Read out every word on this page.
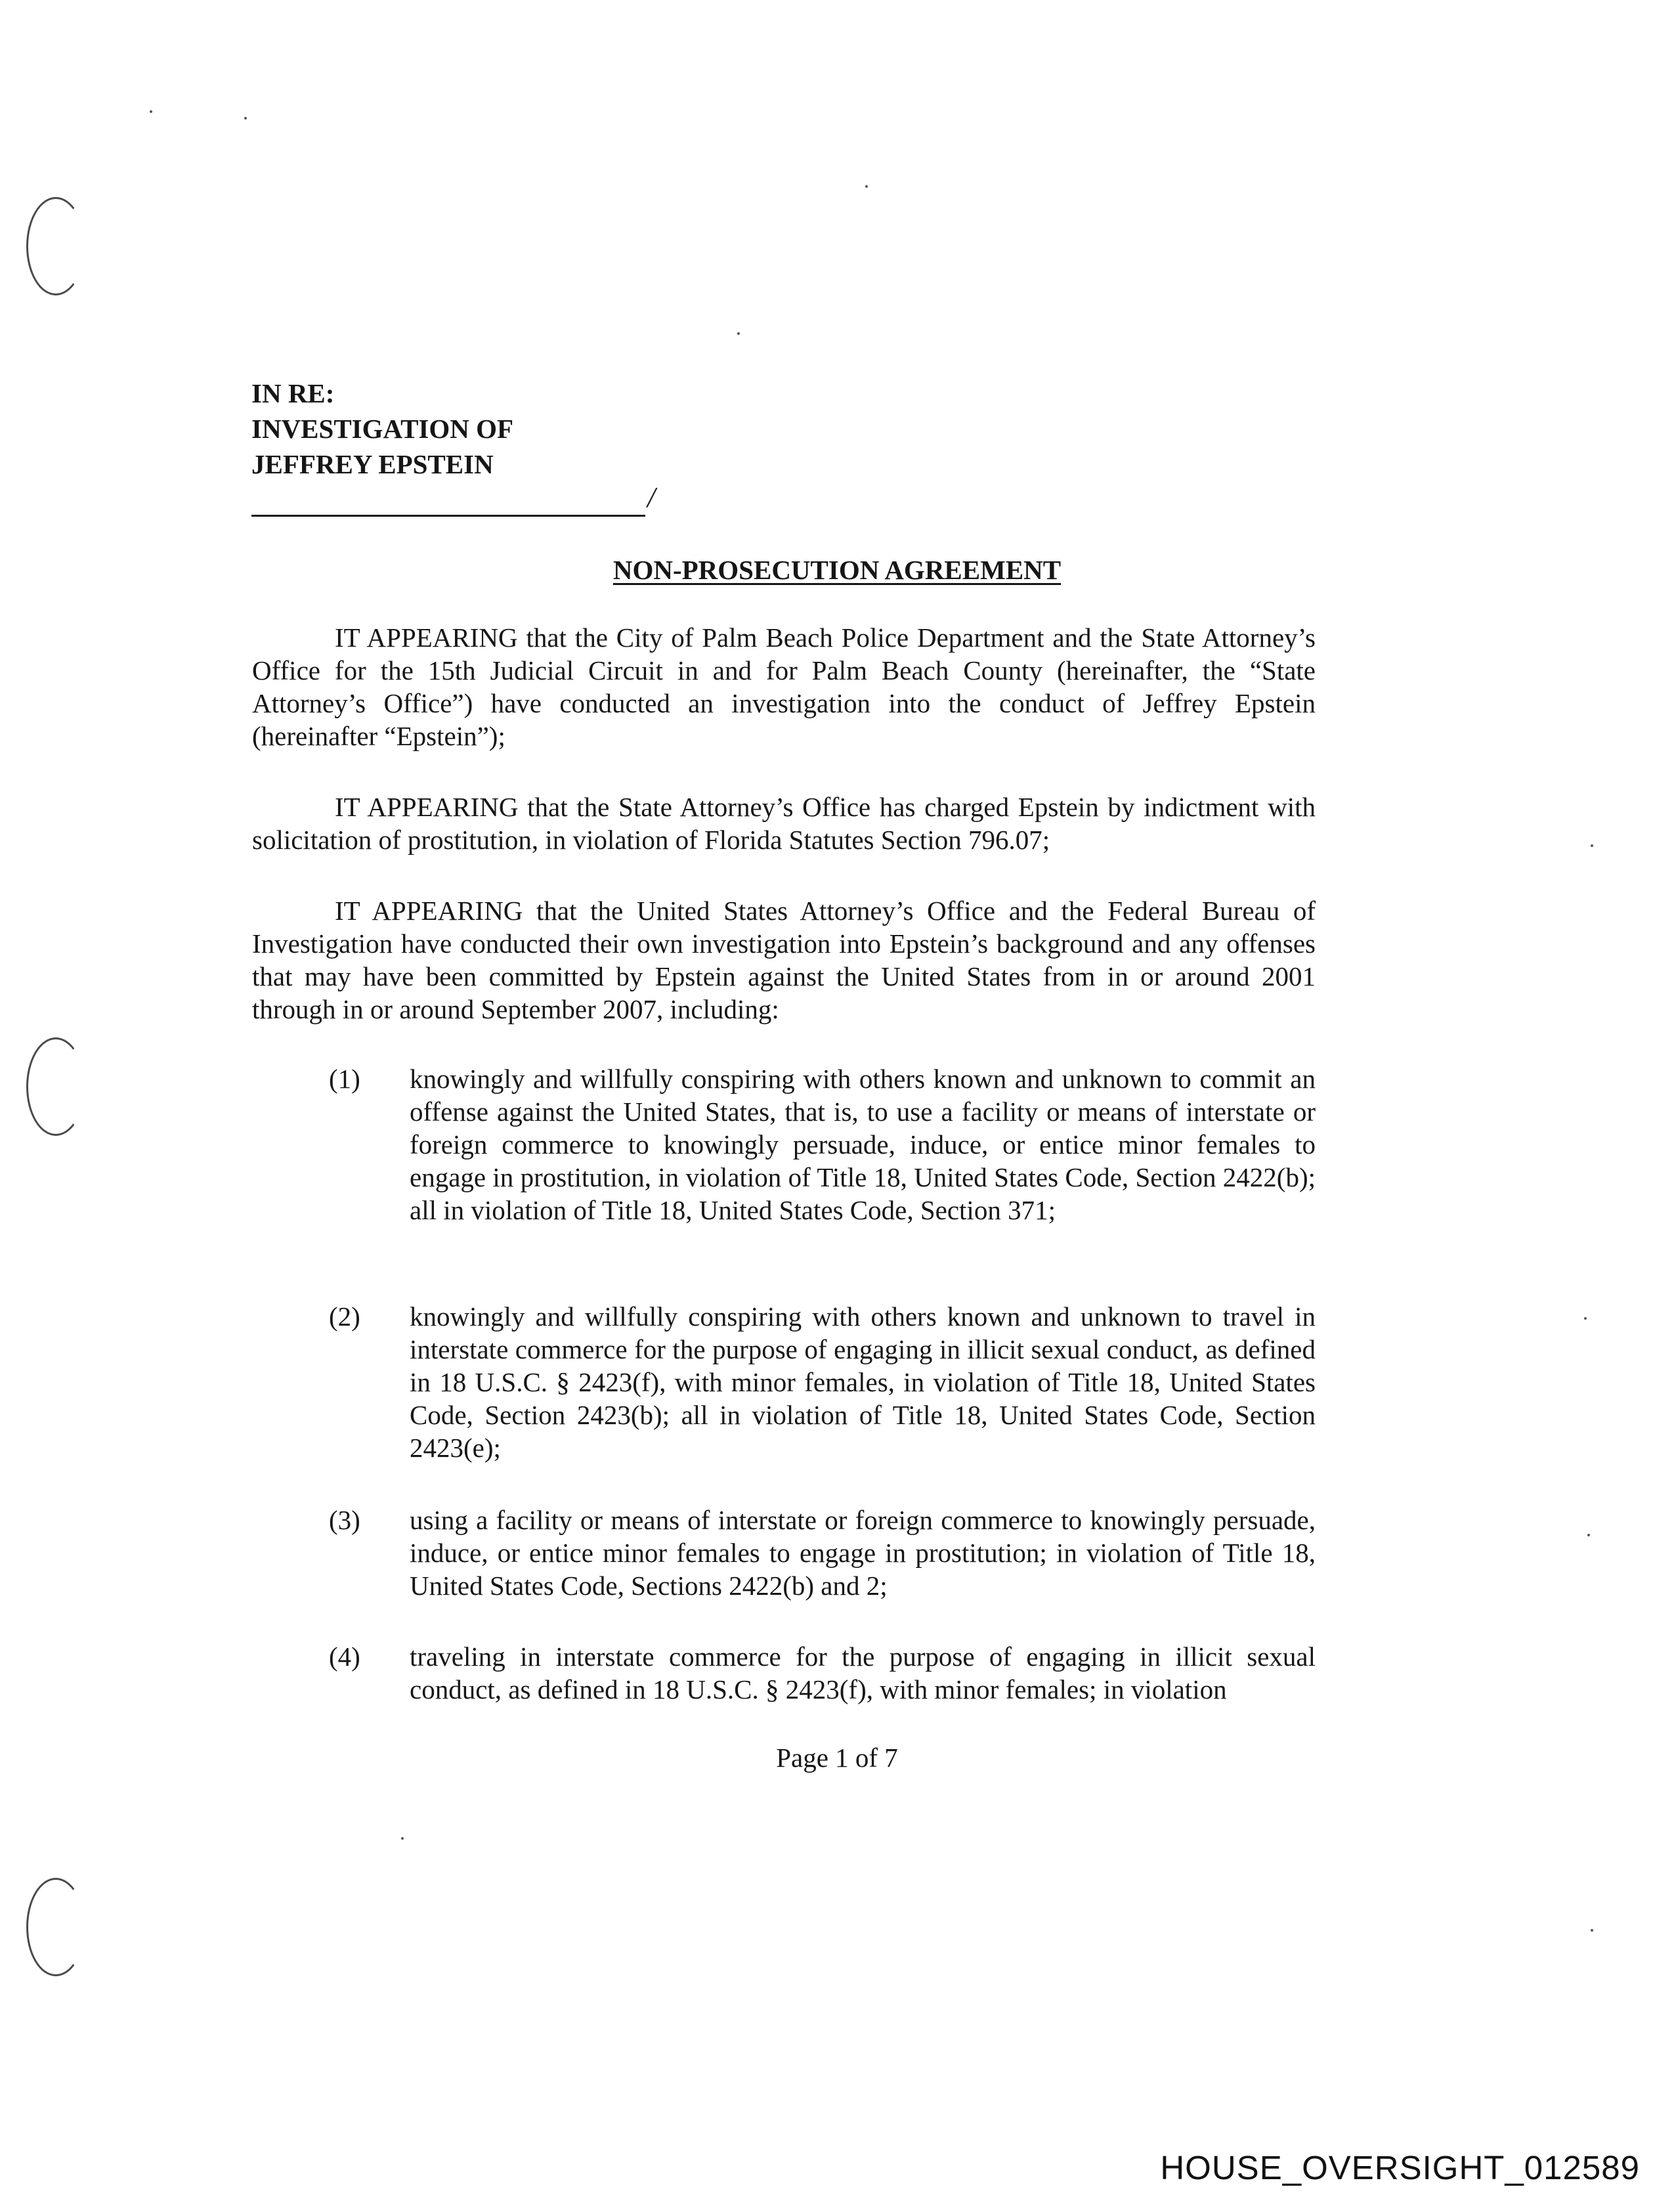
IN RE:
INVESTIGATION OF
JEFFREY EPSTEIN
/
NON-PROSECUTION AGREEMENT
IT APPEARING that the City of Palm Beach Police Department and the State Attorney’s Office for the 15th Judicial Circuit in and for Palm Beach County (hereinafter, the “State Attorney’s Office”) have conducted an investigation into the conduct of Jeffrey Epstein (hereinafter “Epstein”);
IT APPEARING that the State Attorney’s Office has charged Epstein by indictment with solicitation of prostitution, in violation of Florida Statutes Section 796.07;
IT APPEARING that the United States Attorney’s Office and the Federal Bureau of Investigation have conducted their own investigation into Epstein’s background and any offenses that may have been committed by Epstein against the United States from in or around 2001 through in or around September 2007, including:
(1) knowingly and willfully conspiring with others known and unknown to commit an offense against the United States, that is, to use a facility or means of interstate or foreign commerce to knowingly persuade, induce, or entice minor females to engage in prostitution, in violation of Title 18, United States Code, Section 2422(b); all in violation of Title 18, United States Code, Section 371;
(2) knowingly and willfully conspiring with others known and unknown to travel in interstate commerce for the purpose of engaging in illicit sexual conduct, as defined in 18 U.S.C. § 2423(f), with minor females, in violation of Title 18, United States Code, Section 2423(b); all in violation of Title 18, United States Code, Section 2423(e);
(3) using a facility or means of interstate or foreign commerce to knowingly persuade, induce, or entice minor females to engage in prostitution; in violation of Title 18, United States Code, Sections 2422(b) and 2;
(4) traveling in interstate commerce for the purpose of engaging in illicit sexual conduct, as defined in 18 U.S.C. § 2423(f), with minor females; in violation
Page 1 of 7
HOUSE_OVERSIGHT_012589
